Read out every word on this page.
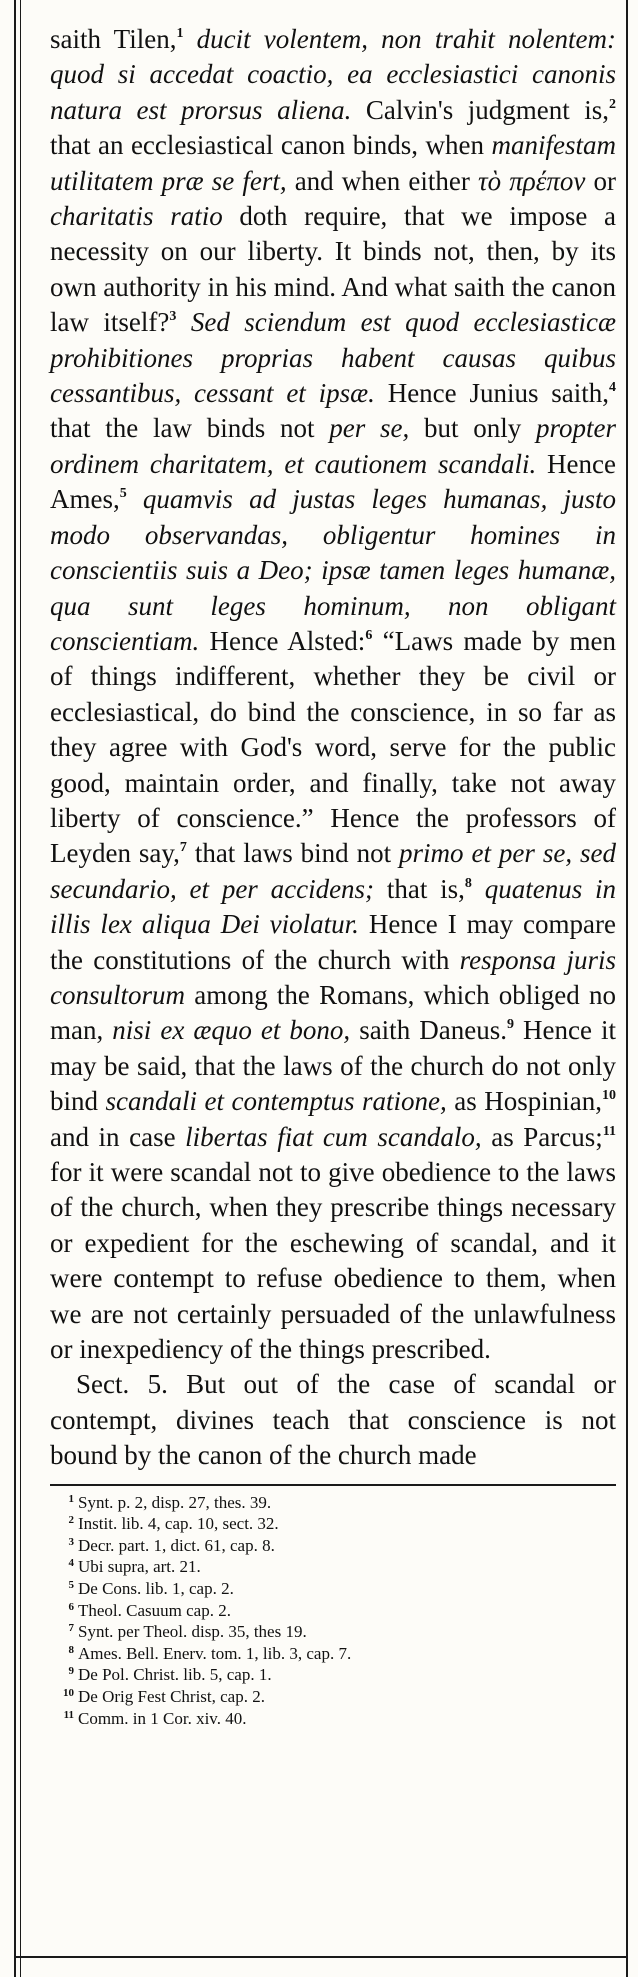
saith Tilen,$^1$ ducit volentem, non trahit nolentem: quod si accedat coactio, ea ecclesiastici canonis natura est prorsus aliena. Calvin's judgment is,$^2$ that an ecclesiastical canon binds, when manifestam utilitatem præ se fert, and when either τὸ πρέπον or charitatis ratio doth require, that we impose a necessity on our liberty. It binds not, then, by its own authority in his mind. And what saith the canon law itself?$^3$ Sed sciendum est quod ecclesiasticæ prohibitiones proprias habent causas quibus cessantibus, cessant et ipsæ. Hence Junius saith,$^4$ that the law binds not per se, but only propter ordinem charitatem, et cautionem scandali. Hence Ames,$^5$ quamvis ad justas leges humanas, justo modo observandas, obligentur homines in conscientiis suis a Deo; ipsæ tamen leges humanæ, qua sunt leges hominum, non obligant conscientiam. Hence Alsted:$^6$ “Laws made by men of things indifferent, whether they be civil or ecclesiastical, do bind the conscience, in so far as they agree with God's word, serve for the public good, maintain order, and finally, take not away liberty of conscience.” Hence the professors of Leyden say,$^7$ that laws bind not primo et per se, sed secundario, et per accidens; that is,$^8$ quatenus in illis lex aliqua Dei violatur. Hence I may compare the constitutions of the church with responsa juris consultorum among the Romans, which obliged no man, nisi ex æquo et bono, saith Daneus.$^9$ Hence it may be said, that the laws of the church do not only bind scandali et contemptus ratione, as Hospinian,$^{10}$ and in case libertas fiat cum scandalo, as Parcus;$^{11}$ for it were scandal not to give obedience to the laws of the church, when they prescribe things necessary or expedient for the eschewing of scandal, and it were contempt to refuse obedience to them, when we are not certainly persuaded of the unlawfulness or inexpediency of the things prescribed.
Sect. 5. But out of the case of scandal or contempt, divines teach that conscience is not bound by the canon of the church made
1 Synt. p. 2, disp. 27, thes. 39.
2 Instit. lib. 4, cap. 10, sect. 32.
3 Decr. part. 1, dict. 61, cap. 8.
4 Ubi supra, art. 21.
5 De Cons. lib. 1, cap. 2.
6 Theol. Casuum cap. 2.
7 Synt. per Theol. disp. 35, thes 19.
8 Ames. Bell. Enerv. tom. 1, lib. 3, cap. 7.
9 De Pol. Christ. lib. 5, cap. 1.
10 De Orig Fest Christ, cap. 2.
11 Comm. in 1 Cor. xiv. 40.
